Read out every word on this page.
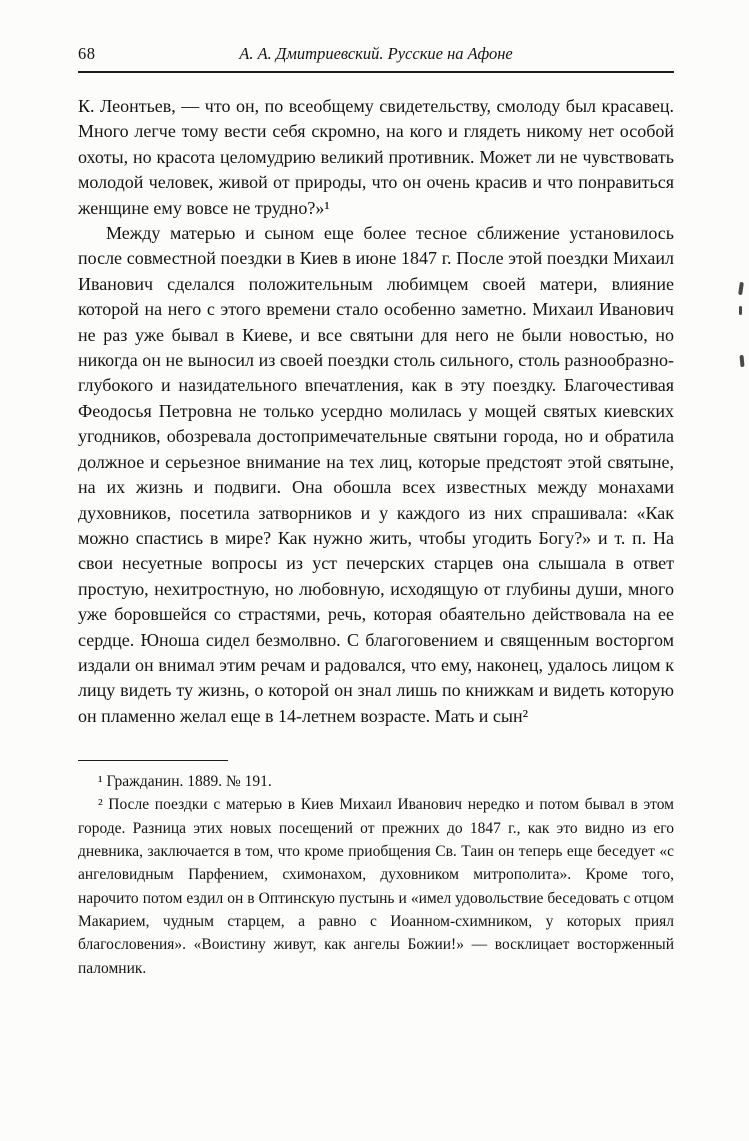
68	А. А. Дмитриевский. Русские на Афоне

К. Леонтьев, — что он, по всеобщему свидетельству, смолоду был красавец. Много легче тому вести себя скромно, на кого и глядеть никому нет особой охоты, но красота целомудрию великий противник. Может ли не чувствовать молодой человек, живой от природы, что он очень красив и что понравиться женщине ему вовсе не трудно?»¹

Между матерью и сыном еще более тесное сближение установилось после совместной поездки в Киев в июне 1847 г. После этой поездки Михаил Иванович сделался положительным любимцем своей матери, влияние которой на него с этого времени стало особенно заметно. Михаил Иванович не раз уже бывал в Киеве, и все святыни для него не были новостью, но никогда он не выносил из своей поездки столь сильного, столь разнообразно-глубокого и назидательного впечатления, как в эту поездку. Благочестивая Феодосья Петровна не только усердно молилась у мощей святых киевских угодников, обозревала достопримечательные святыни города, но и обратила должное и серьезное внимание на тех лиц, которые предстоят этой святыне, на их жизнь и подвиги. Она обошла всех известных между монахами духовников, посетила затворников и у каждого из них спрашивала: «Как можно спастись в мире? Как нужно жить, чтобы угодить Богу?» и т. п. На свои несуетные вопросы из уст печерских старцев она слышала в ответ простую, нехитростную, но любовную, исходящую от глубины души, много уже боровшейся со страстями, речь, которая обаятельно действовала на ее сердце. Юноша сидел безмолвно. С благоговением и священным восторгом издали он внимал этим речам и радовался, что ему, наконец, удалось лицом к лицу видеть ту жизнь, о которой он знал лишь по книжкам и видеть которую он пламенно желал еще в 14-летнем возрасте. Мать и сын²

¹ Гражданин. 1889. № 191.

² После поездки с матерью в Киев Михаил Иванович нередко и потом бывал в этом городе. Разница этих новых посещений от прежних до 1847 г., как это видно из его дневника, заключается в том, что кроме приобщения Св. Таин он теперь еще беседует «с ангеловидным Парфением, схимонахом, духовником митрополита». Кроме того, нарочито потом ездил он в Оптинскую пустынь и «имел удовольствие беседовать с отцом Макарием, чудным старцем, а равно с Иоанном-схимником, у которых приял благословения». «Воистину живут, как ангелы Божии!» — восклицает восторженный паломник.
